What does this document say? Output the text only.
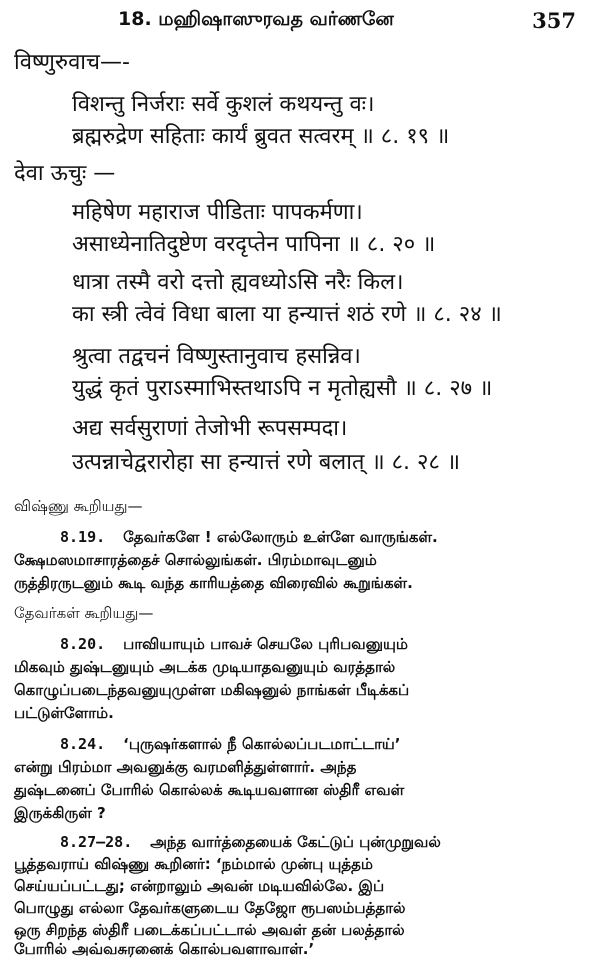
18. மஹிஷாஸுரவத வர்ணனே	357
विष्णुरुवाच—-
विशन्तु निर्जराः सर्वे कुशलं कथयन्तु वः।
ब्रह्मरुद्रेण सहिताः कार्यं ब्रुवत सत्वरम् ॥ ८. १९ ॥
देवा ऊचुः —
महिषेण महाराज पीडिताः पापकर्मणा।
असाध्येनातिदुष्टेण वरदृप्तेन पापिना ॥ ८. २० ॥
धात्रा तस्मै वरो दत्तो ह्यवध्योऽसि नरैः किल।
का स्त्री त्वेवं विधा बाला या हन्यात्तं शठं रणे ॥ ८. २४ ॥
श्रुत्वा तद्वचनं विष्णुस्तानुवाच हसन्निव।
युद्धं कृतं पुराऽस्माभिस्तथाऽपि न मृतोह्यसौ ॥ ८. २७ ॥
अद्य सर्वसुराणां तेजोभी रूपसम्पदा।
उत्पन्नाचेद्वरारोहा सा हन्यात्तं रणे बलात् ॥ ८. २८ ॥
விஷ்ணு கூறியது—
8.19. தேவர்களே ! எல்லோரும் உள்ளே வாருங்கள்.
க்ஷேமஸமாசாரத்தைச் சொல்லுங்கள். பிரம்மாவுடனும்
ருத்திரருடனும் கூடி வந்த காரியத்தை விரைவில் கூறுங்கள்.
தேவர்கள் கூறியது—
8.20. பாவியாயும் பாவச் செயலே புரிபவனுயும்
மிகவும் துஷ்டனுயும் அடக்க முடியாதவனுயும் வரத்தால்
கொழுப்படைந்தவனுயுமுள்ள மகிஷனுல் நாங்கள் பீடிக்கப்
பட்டுள்ளோம்.
8.24. ‘புருஷர்களால் நீ கொல்லப்படமாட்டாய்’
என்று பிரம்மா அவனுக்கு வரமளித்துள்ளார். அந்த
துஷ்டனைப் போரில் கொல்லக் கூடியவளான ஸ்திரீ எவள்
இருக்கிருள் ?
8.27–28. அந்த வார்த்தையைக் கேட்டுப் புன்முறுவல்
பூத்தவராய் விஷ்ணு கூறினர்: ‘நம்மால் முன்பு யுத்தம்
செய்யப்பட்டது; என்றாலும் அவன் மடியவில்லே. இப்
பொழுது எல்லா தேவர்களுடைய தேஜோ ரூபஸம்பத்தால்
ஒரு சிறந்த ஸ்திரீ படைக்கப்பட்டால் அவள் தன் பலத்தால்
போரில் அவ்வசுரனைக் கொல்பவளாவாள்.’
